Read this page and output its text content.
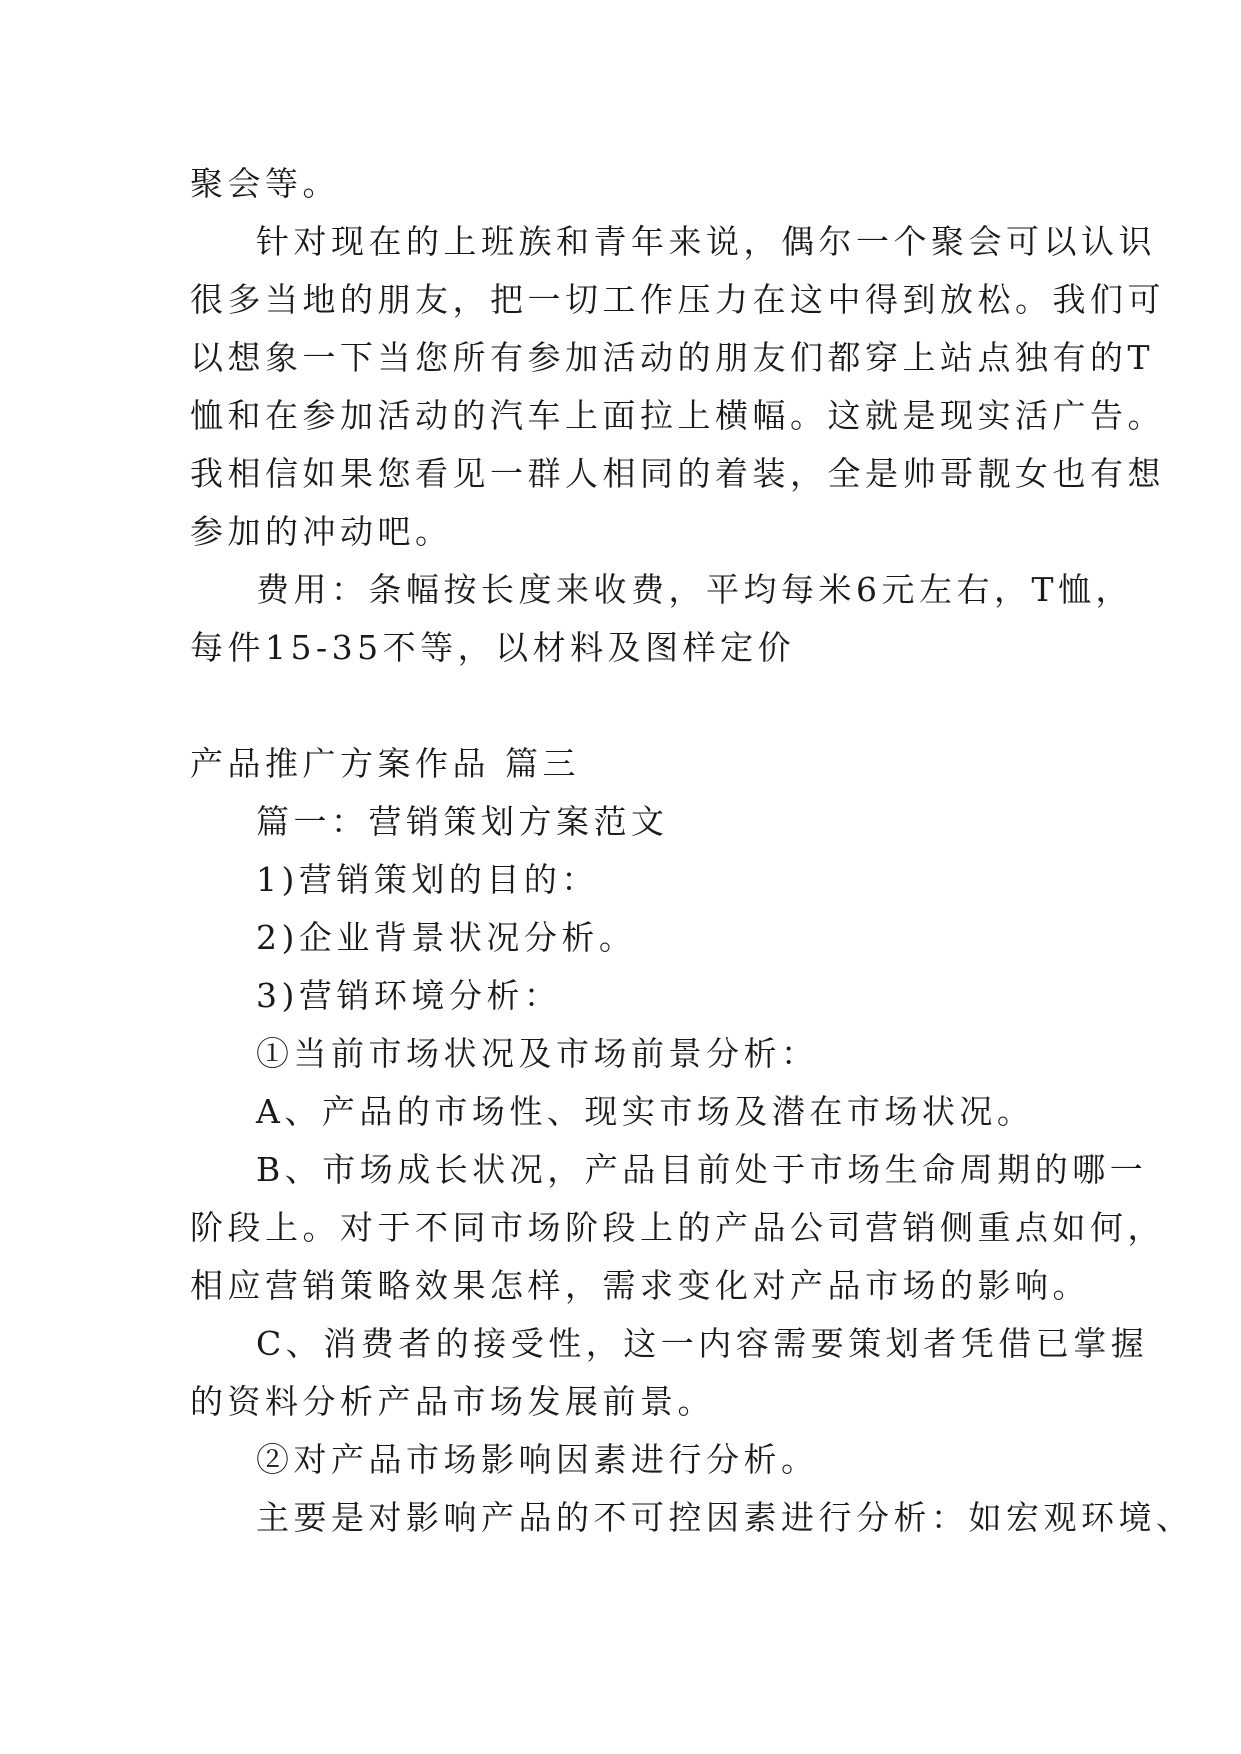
聚会等。
针对现在的上班族和青年来说，偶尔一个聚会可以认识
很多当地的朋友，把一切工作压力在这中得到放松。我们可
以想象一下当您所有参加活动的朋友们都穿上站点独有的T
恤和在参加活动的汽车上面拉上横幅。这就是现实活广告。
我相信如果您看见一群人相同的着装，全是帅哥靓女也有想
参加的冲动吧。
费用：条幅按长度来收费，平均每米6元左右，T恤，
每件15-35不等，以材料及图样定价
产品推广方案作品 篇三
篇一：营销策划方案范文
1)营销策划的目的：
2)企业背景状况分析。
3)营销环境分析：
①当前市场状况及市场前景分析：
A、产品的市场性、现实市场及潜在市场状况。
B、市场成长状况，产品目前处于市场生命周期的哪一
阶段上。对于不同市场阶段上的产品公司营销侧重点如何，
相应营销策略效果怎样，需求变化对产品市场的影响。
C、消费者的接受性，这一内容需要策划者凭借已掌握
的资料分析产品市场发展前景。
②对产品市场影响因素进行分析。
主要是对影响产品的不可控因素进行分析：如宏观环境、
